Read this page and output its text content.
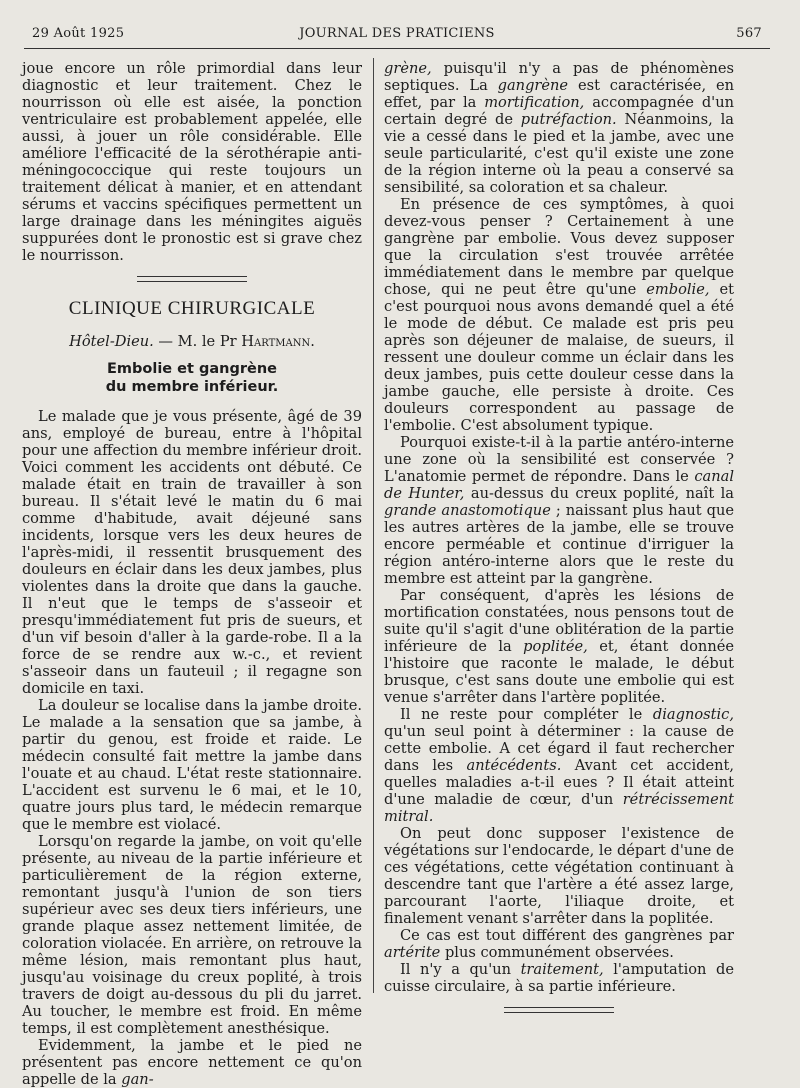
29 Août 1925	JOURNAL DES PRATICIENS	567

joue encore un rôle primordial dans leur diagnostic et leur traitement. Chez le nourrisson où elle est aisée, la ponction ventriculaire est probablement appelée, elle aussi, à jouer un rôle considérable. Elle améliore l'efficacité de la sérothérapie anti-méningococcique qui reste toujours un traitement délicat à manier, et en attendant sérums et vaccins spécifiques permettent un large drainage dans les méningites aiguës suppurées dont le pronostic est si grave chez le nourrisson.

CLINIQUE CHIRURGICALE
Hôtel-Dieu. — M. le Pr Hartmann.
Embolie et gangrène
du membre inférieur.

Le malade que je vous présente, âgé de 39 ans, employé de bureau, entre à l'hôpital pour une affection du membre inférieur droit. Voici comment les accidents ont débuté. Ce malade était en train de travailler à son bureau. Il s'était levé le matin du 6 mai comme d'habitude, avait déjeuné sans incidents, lorsque vers les deux heures de l'après-midi, il ressentit brusquement des douleurs en éclair dans les deux jambes, plus violentes dans la droite que dans la gauche. Il n'eut que le temps de s'asseoir et presqu'immédiatement fut pris de sueurs, et d'un vif besoin d'aller à la garde-robe. Il a la force de se rendre aux w.-c., et revient s'asseoir dans un fauteuil ; il regagne son domicile en taxi.

La douleur se localise dans la jambe droite. Le malade a la sensation que sa jambe, à partir du genou, est froide et raide. Le médecin consulté fait mettre la jambe dans l'ouate et au chaud. L'état reste stationnaire. L'accident est survenu le 6 mai, et le 10, quatre jours plus tard, le médecin remarque que le membre est violacé.

Lorsqu'on regarde la jambe, on voit qu'elle présente, au niveau de la partie inférieure et particulièrement de la région externe, remontant jusqu'à l'union de son tiers supérieur avec ses deux tiers inférieurs, une grande plaque assez nettement limitée, de coloration violacée. En arrière, on retrouve la même lésion, mais remontant plus haut, jusqu'au voisinage du creux poplité, à trois travers de doigt au-dessous du pli du jarret. Au toucher, le membre est froid. En même temps, il est complètement anesthésique.

Evidemment, la jambe et le pied ne présentent pas encore nettement ce qu'on appelle de la gan-

grène, puisqu'il n'y a pas de phénomènes septiques. La gangrène est caractérisée, en effet, par la mortification, accompagnée d'un certain degré de putréfaction. Néanmoins, la vie a cessé dans le pied et la jambe, avec une seule particularité, c'est qu'il existe une zone de la région interne où la peau a conservé sa sensibilité, sa coloration et sa chaleur.

En présence de ces symptômes, à quoi devez-vous penser ? Certainement à une gangrène par embolie. Vous devez supposer que la circulation s'est trouvée arrêtée immédiatement dans le membre par quelque chose, qui ne peut être qu'une embolie, et c'est pourquoi nous avons demandé quel a été le mode de début. Ce malade est pris peu après son déjeuner de malaise, de sueurs, il ressent une douleur comme un éclair dans les deux jambes, puis cette douleur cesse dans la jambe gauche, elle persiste à droite. Ces douleurs correspondent au passage de l'embolie. C'est absolument typique.

Pourquoi existe-t-il à la partie antéro-interne une zone où la sensibilité est conservée ? L'anatomie permet de répondre. Dans le canal de Hunter, au-dessus du creux poplité, naît la grande anastomotique ; naissant plus haut que les autres artères de la jambe, elle se trouve encore perméable et continue d'irriguer la région antéro-interne alors que le reste du membre est atteint par la gangrène.

Par conséquent, d'après les lésions de mortification constatées, nous pensons tout de suite qu'il s'agit d'une oblitération de la partie inférieure de la poplitée, et, étant donnée l'histoire que raconte le malade, le début brusque, c'est sans doute une embolie qui est venue s'arrêter dans l'artère poplitée.

Il ne reste pour compléter le diagnostic, qu'un seul point à déterminer : la cause de cette embolie. A cet égard il faut rechercher dans les antécédents. Avant cet accident, quelles maladies a-t-il eues ? Il était atteint d'une maladie de cœur, d'un rétrécissement mitral.

On peut donc supposer l'existence de végétations sur l'endocarde, le départ d'une de ces végétations, cette végétation continuant à descendre tant que l'artère a été assez large, parcourant l'aorte, l'iliaque droite, et finalement venant s'arrêter dans la poplitée.

Ce cas est tout différent des gangrènes par artérite plus communément observées.

Il n'y a qu'un traitement, l'amputation de cuisse circulaire, à sa partie inférieure.
